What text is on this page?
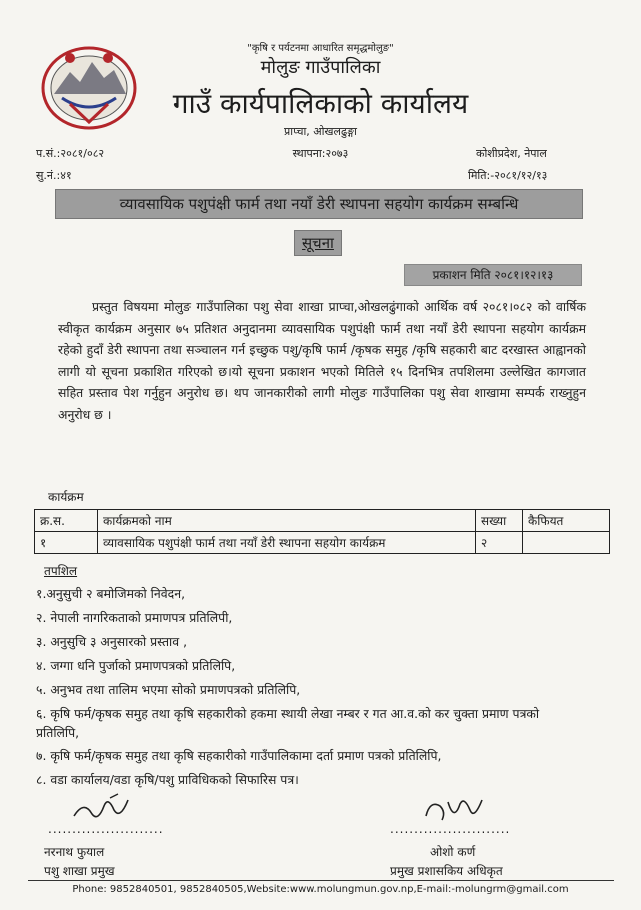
"कृषि र पर्यटनमा आधारित समृद्धमोलुङ"
मोलुङ गाउँपालिका
गाउँ कार्यपालिकाको कार्यालय
प्राप्चा, ओखलढुङ्गा
स्थापना:२०७३	कोशीप्रदेश, नेपाल
प.सं.:२०८१/०८२
सु.नं.:४१	मिति:-२०८१/१२/१३
व्यावसायिक पशुपंक्षी फार्म तथा नयाँ डेरी स्थापना सहयोग कार्यक्रम सम्बन्धि
सूचना
प्रकाशन मिति २०८१।१२।१३
प्रस्तुत विषयमा मोलुङ गाउँपालिका पशु सेवा शाखा प्राप्चा,ओखलढुंगाको आर्थिक वर्ष २०८१।०८२ को वार्षिक स्वीकृत कार्यक्रम अनुसार ७५ प्रतिशत अनुदानमा व्यावसायिक पशुपंक्षी फार्म तथा नयाँ डेरी स्थापना सहयोग कार्यक्रम रहेको हुदाँ डेरी स्थापना तथा सञ्चालन गर्न इच्छुक पशु/कृषि फार्म /कृषक समुह /कृषि सहकारी बाट दरखास्त आह्वानको लागी यो सूचना प्रकाशित गरिएको छ।यो सूचना प्रकाशन भएको मितिले १५ दिनभित्र तपशिलमा उल्लेखित कागजात सहित प्रस्ताव पेश गर्नुहुन अनुरोध छ। थप जानकारीको लागी मोलुङ गाउँपालिका पशु सेवा शाखामा सम्पर्क राख्नुहुन अनुरोध छ ।
कार्यक्रम
क्र.स.	कार्यक्रमको नाम	सख्या	कैफियत
१	व्यावसायिक पशुपंक्षी फार्म तथा नयाँ डेरी स्थापना सहयोग कार्यक्रम	२	
तपशिल
१.अनुसुची २ बमोजिमको निवेदन,
२. नेपाली नागरिकताको प्रमाणपत्र प्रतिलिपी,
३. अनुसुचि ३ अनुसारको प्रस्ताव ,
४. जग्गा धनि पुर्जाको प्रमाणपत्रको प्रतिलिपि,
५. अनुभव तथा तालिम भएमा सोको प्रमाणपत्रको प्रतिलिपि,
६. कृषि फर्म/कृषक समुह तथा कृषि सहकारीको हकमा स्थायी लेखा नम्बर र गत आ.व.को कर चुक्ता प्रमाण पत्रको प्रतिलिपि,
७. कृषि फर्म/कृषक समुह तथा कृषि सहकारीको गाउँपालिकामा दर्ता प्रमाण पत्रको प्रतिलिपि,
८. वडा कार्यालय/वडा कृषि/पशु प्राविधिकको सिफारिस पत्र।
........................	.........................
नरनाथ फुयाल
पशु शाखा प्रमुख
ओशो कर्ण
प्रमुख प्रशासकिय अधिकृत
Phone: 9852840501, 9852840505,Website:www.molungmun.gov.np,E-mail:-molungrm@gmail.com
